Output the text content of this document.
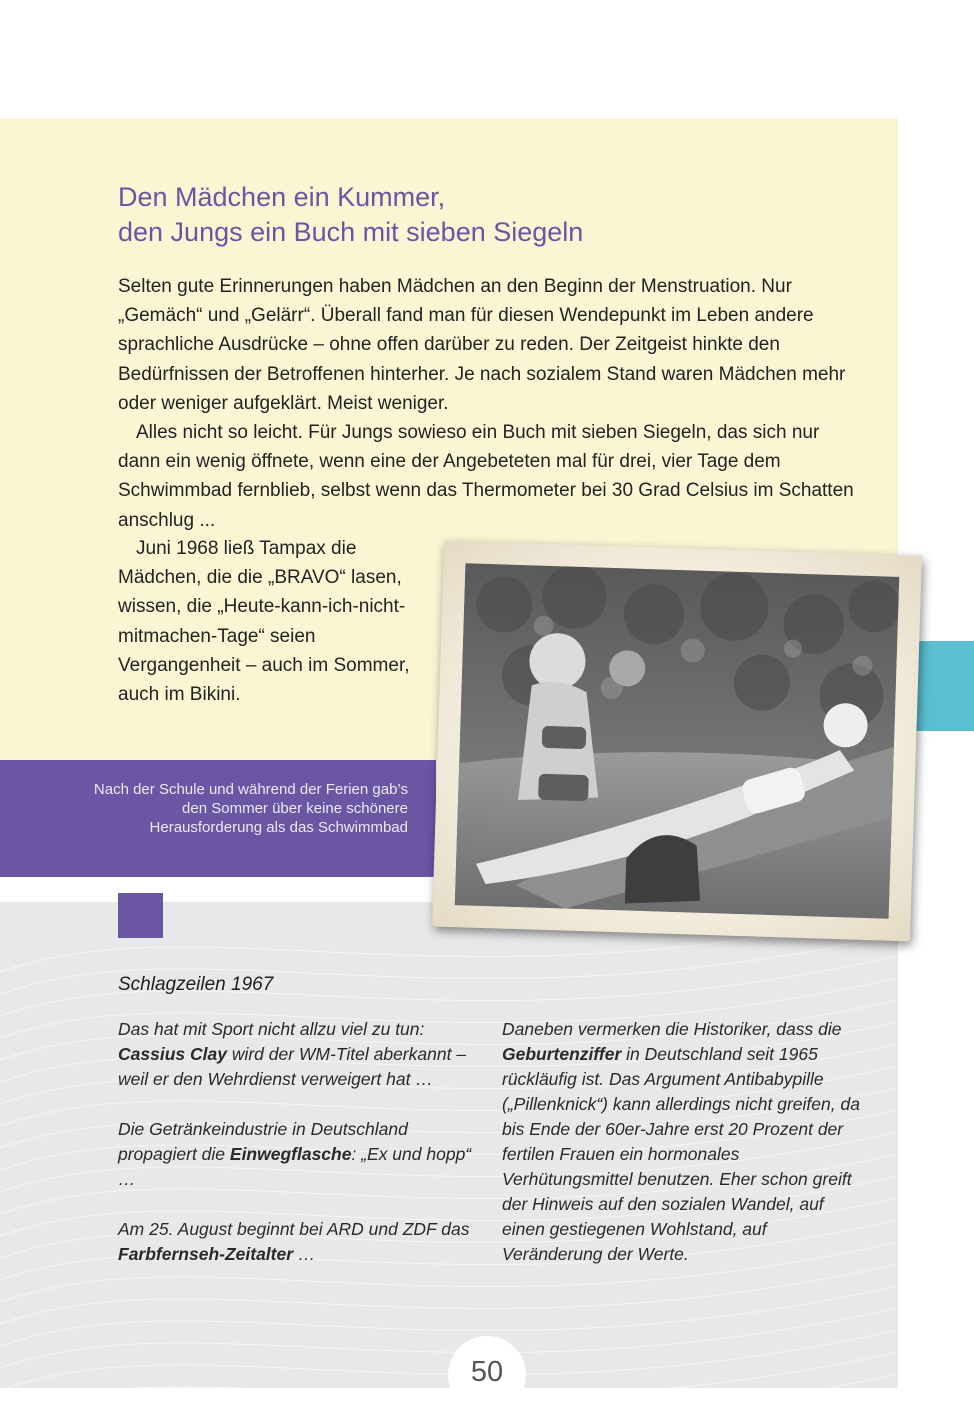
Den Mädchen ein Kummer,
den Jungs ein Buch mit sieben Siegeln

Selten gute Erinnerungen haben Mädchen an den Beginn der Menstruation. Nur „Gemäch“ und „Gelärr“. Überall fand man für diesen Wendepunkt im Leben andere sprachliche Ausdrücke – ohne offen darüber zu reden. Der Zeitgeist hinkte den Bedürfnissen der Betroffenen hinterher. Je nach sozialem Stand waren Mädchen mehr oder weniger aufgeklärt. Meist weniger.

Alles nicht so leicht. Für Jungs sowieso ein Buch mit sieben Siegeln, das sich nur dann ein wenig öffnete, wenn eine der Angebeteten mal für drei, vier Tage dem Schwimmbad fernblieb, selbst wenn das Thermometer bei 30 Grad Celsius im Schatten anschlug ...

Juni 1968 ließ Tampax die Mädchen, die die „BRAVO“ lasen, wissen, die „Heute-kann-ich-nicht-mitmachen-Tage“ seien Vergangenheit – auch im Sommer, auch im Bikini.

Nach der Schule und während der Ferien gab’s den Sommer über keine schönere Herausforderung als das Schwimmbad

Schlagzeilen 1967

Das hat mit Sport nicht allzu viel zu tun: Cassius Clay wird der WM-Titel aberkannt – weil er den Wehrdienst verweigert hat …

Die Getränkeindustrie in Deutschland propagiert die Einwegflasche: „Ex und hopp“ …

Am 25. August beginnt bei ARD und ZDF das Farbfernseh-Zeitalter …

Daneben vermerken die Historiker, dass die Geburtenziffer in Deutschland seit 1965 rückläufig ist. Das Argument Antibabypille („Pillenknick“) kann allerdings nicht greifen, da bis Ende der 60er-Jahre erst 20 Prozent der fertilen Frauen ein hormonales Verhütungsmittel benutzen. Eher schon greift der Hinweis auf den sozialen Wandel, auf einen gestiegenen Wohlstand, auf Veränderung der Werte.

50
